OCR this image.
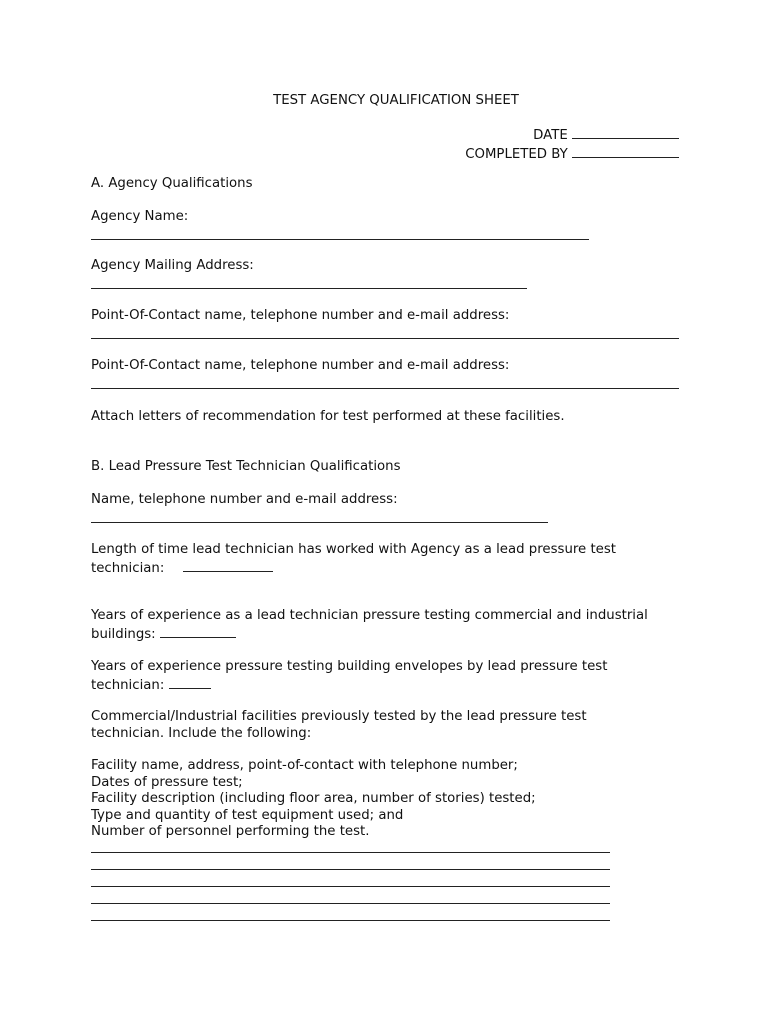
TEST AGENCY QUALIFICATION SHEET
DATE
COMPLETED BY
A. Agency Qualifications
Agency Name:
Agency Mailing Address:
Point-Of-Contact name, telephone number and e-mail address:
Point-Of-Contact name, telephone number and e-mail address:
Attach letters of recommendation for test performed at these facilities.
B. Lead Pressure Test Technician Qualifications
Name, telephone number and e-mail address:
Length of time lead technician has worked with Agency as a lead pressure test
technician:
Years of experience as a lead technician pressure testing commercial and industrial
buildings:
Years of experience pressure testing building envelopes by lead pressure test
technician:
Commercial/Industrial facilities previously tested by the lead pressure test
technician. Include the following:
Facility name, address, point-of-contact with telephone number;
Dates of pressure test;
Facility description (including floor area, number of stories) tested;
Type and quantity of test equipment used; and
Number of personnel performing the test.
